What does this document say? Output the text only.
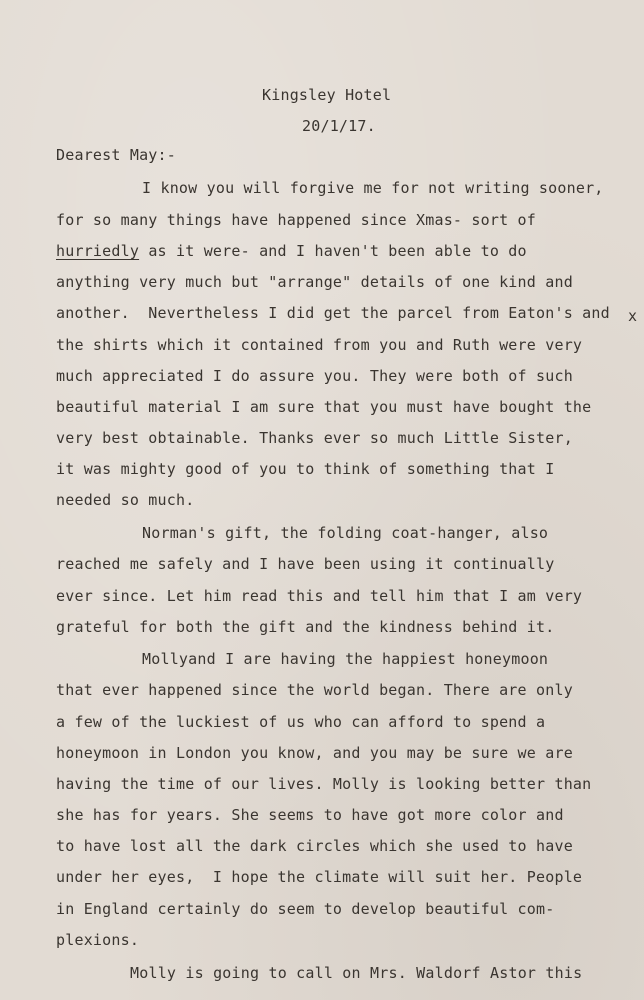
Kingsley Hotel
20/1/17.
Dearest May:-
I know you will forgive me for not writing sooner,
for so many things have happened since Xmas- sort of
hurriedly as it were- and I haven't been able to do
anything very much but "arrange" details of one kind and
another.  Nevertheless I did get the parcel from Eaton's and x
the shirts which it contained from you and Ruth were very
much appreciated I do assure you. They were both of such
beautiful material I am sure that you must have bought the
very best obtainable. Thanks ever so much Little Sister,
it was mighty good of you to think of something that I
needed so much.
Norman's gift, the folding coat-hanger, also
reached me safely and I have been using it continually
ever since. Let him read this and tell him that I am very
grateful for both the gift and the kindness behind it.
Mollyand I are having the happiest honeymoon
that ever happened since the world began. There are only
a few of the luckiest of us who can afford to spend a
honeymoon in London you know, and you may be sure we are
having the time of our lives. Molly is looking better than
she has for years. She seems to have got more color and
to have lost all the dark circles which she used to have
under her eyes,  I hope the climate will suit her. People
in England certainly do seem to develop beautiful com-
plexions.
Molly is going to call on Mrs. Waldorf Astor this
